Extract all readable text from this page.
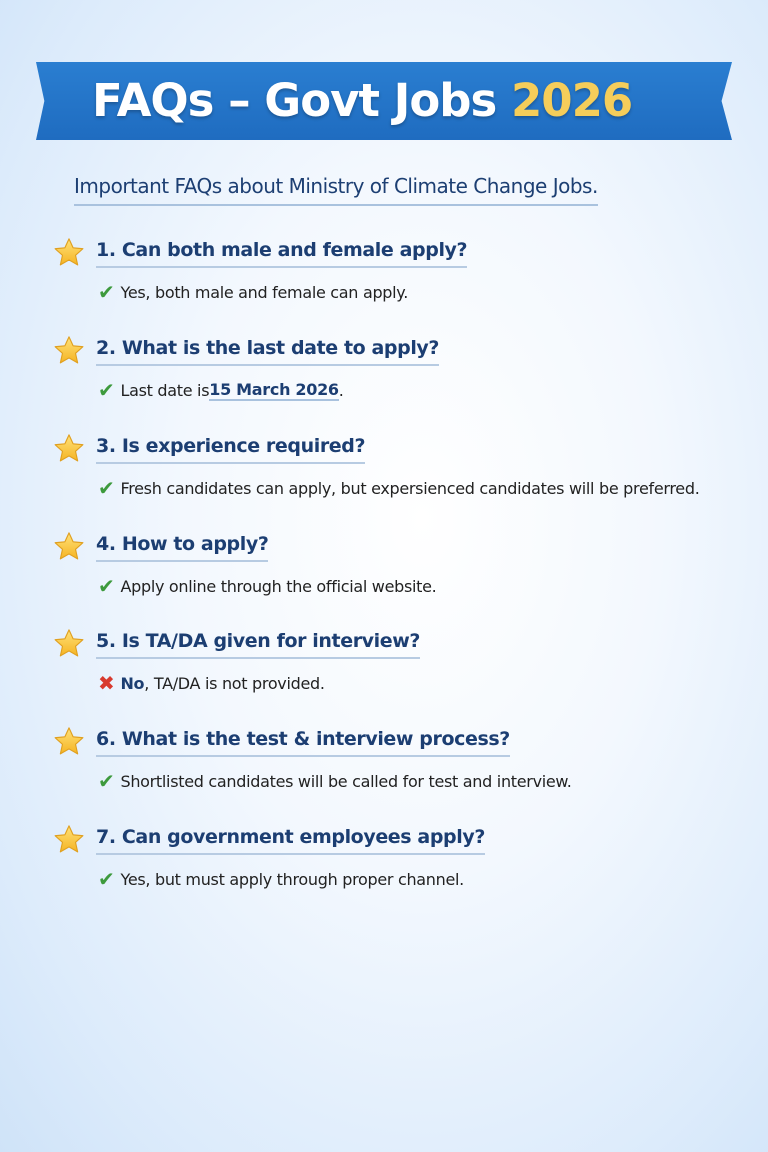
FAQs – Govt Jobs 2026
Important FAQs about Ministry of Climate Change Jobs.
1. Can both male and female apply?
✔ Yes, both male and female can apply.
2. What is the last date to apply?
✔ Last date is 15 March 2026 .
3. Is experience required?
✔ Fresh candidates can apply, but expersienced candidates will be preferred.
4. How to apply?
✔ Apply online through the official website.
5. Is TA/DA given for interview?
✖ No , TA/DA is not provided.
6. What is the test & interview process?
✔ Shortlisted candidates will be called for test and interview.
7. Can government employees apply?
✔ Yes, but must apply through proper channel.
